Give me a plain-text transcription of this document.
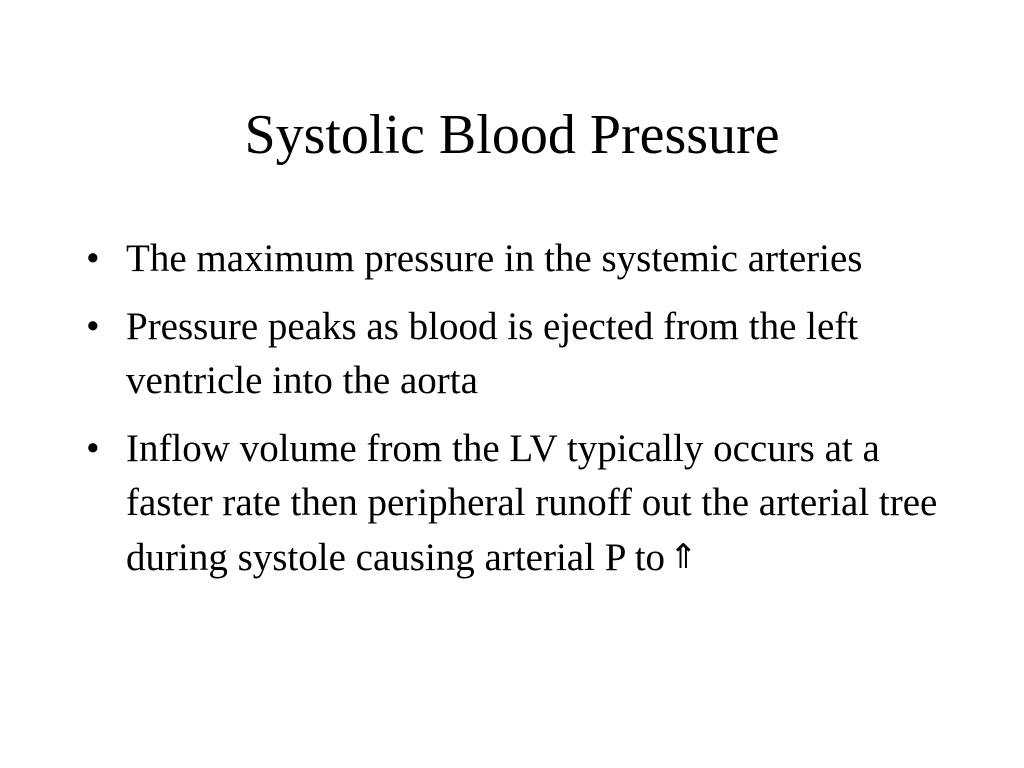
Systolic Blood Pressure
• The maximum pressure in the systemic arteries
• Pressure peaks as blood is ejected from the left ventricle into the aorta
• Inflow volume from the LV typically occurs at a faster rate then peripheral runoff out the arterial tree during systole causing arterial P to ⇑
